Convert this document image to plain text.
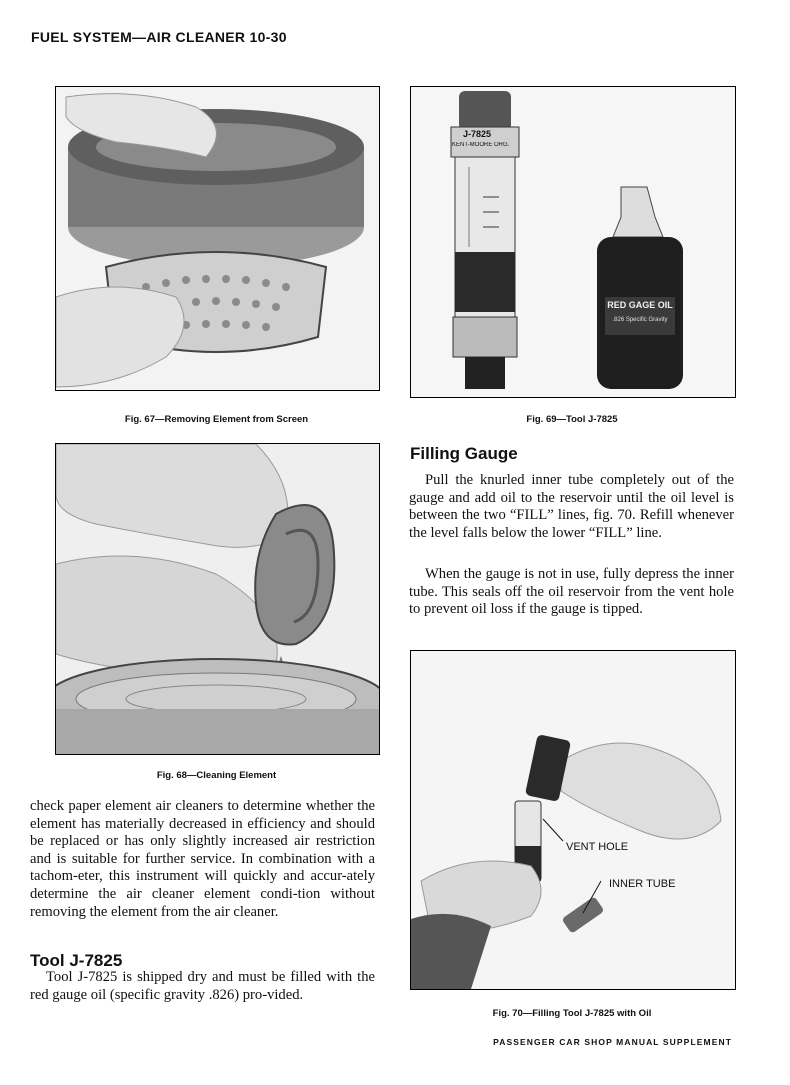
FUEL SYSTEM—AIR CLEANER 10-30
Fig. 67—Removing Element from Screen
J-7825
KENT-MOORE ORG.
RED GAGE OIL
.826 Specific Gravity
Fig. 69—Tool J-7825
Filling Gauge

Pull the knurled inner tube completely out of the gauge and add oil to the reservoir until the oil level is between the two “FILL” lines, fig. 70. Refill whenever the level falls below the lower “FILL” line.

When the gauge is not in use, fully depress the inner tube. This seals off the oil reservoir from the vent hole to prevent oil loss if the gauge is tipped.

Fig. 68—Cleaning Element

check paper element air cleaners to determine whether the element has materially decreased in efficiency and should be replaced or has only slightly increased air restriction and is suitable for further service. In combination with a tachom-eter, this instrument will quickly and accur-ately determine the air cleaner element condi-tion without removing the element from the air cleaner.

Tool J-7825

Tool J-7825 is shipped dry and must be filled with the red gauge oil (specific gravity .826) pro-vided.

VENT HOLE
INNER TUBE
Fig. 70—Filling Tool J-7825 with Oil
PASSENGER CAR SHOP MANUAL SUPPLEMENT
